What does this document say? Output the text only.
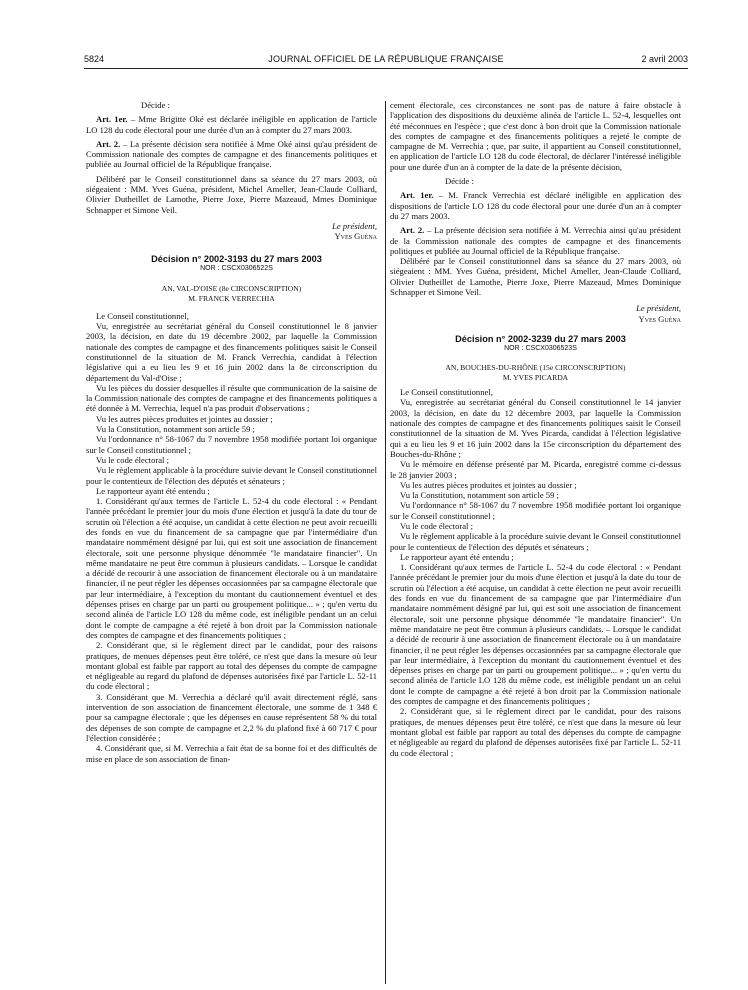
5824	JOURNAL OFFICIEL DE LA RÉPUBLIQUE FRANÇAISE	2 avril 2003

Décide :

Art. 1er. – Mme Brigitte Oké est déclarée inéligible en application de l'article LO 128 du code électoral pour une durée d'un an à compter du 27 mars 2003.

Art. 2. – La présente décision sera notifiée à Mme Oké ainsi qu'au président de Commission nationale des comptes de campagne et des financements politiques et publiée au Journal officiel de la République française.

Délibéré par le Conseil constitutionnel dans sa séance du 27 mars 2003, où siégeaient : MM. Yves Guéna, président, Michel Ameller, Jean-Claude Colliard, Olivier Dutheillet de Lamothe, Pierre Joxe, Pierre Mazeaud, Mmes Dominique Schnapper et Simone Veil.

Le président,

Yves Guéna

Décision n° 2002-3193 du 27 mars 2003

NOR : CSCX0306522S

AN, VAL-D'OISE (8e CIRCONSCRIPTION)

M. FRANCK VERRECHIA

Le Conseil constitutionnel,

Vu, enregistrée au secrétariat général du Conseil constitutionnel le 8 janvier 2003, la décision, en date du 19 décembre 2002, par laquelle la Commission nationale des comptes de campagne et des financements politiques saisit le Conseil constitutionnel de la situation de M. Franck Verrechia, candidat à l'élection législative qui a eu lieu les 9 et 16 juin 2002 dans la 8e circonscription du département du Val-d'Oise ;

Vu les pièces du dossier desquelles il résulte que communication de la saisine de la Commission nationale des comptes de campagne et des financements politiques a été donnée à M. Verrechia, lequel n'a pas produit d'observations ;

Vu les autres pièces produites et jointes au dossier ;

Vu la Constitution, notamment son article 59 ;

Vu l'ordonnance n° 58-1067 du 7 novembre 1958 modifiée portant loi organique sur le Conseil constitutionnel ;

Vu le code électoral ;

Vu le règlement applicable à la procédure suivie devant le Conseil constitutionnel pour le contentieux de l'élection des députés et sénateurs ;

Le rapporteur ayant été entendu ;

1. Considérant qu'aux termes de l'article L. 52-4 du code électoral : « Pendant l'année précédant le premier jour du mois d'une élection et jusqu'à la date du tour de scrutin où l'élection a été acquise, un candidat à cette élection ne peut avoir recueilli des fonds en vue du financement de sa campagne que par l'intermédiaire d'un mandataire nommément désigné par lui, qui est soit une association de financement électorale, soit une personne physique dénommée "le mandataire financier". Un même mandataire ne peut être commun à plusieurs candidats. – Lorsque le candidat a décidé de recourir à une association de financement électorale ou à un mandataire financier, il ne peut régler les dépenses occasionnées par sa campagne électorale que par leur intermédiaire, à l'exception du montant du cautionnement éventuel et des dépenses prises en charge par un parti ou groupement politique... » ; qu'en vertu du second alinéa de l'article LO 128 du même code, est inéligible pendant un an celui dont le compte de campagne a été rejeté à bon droit par la Commission nationale des comptes de campagne et des financements politiques ;

2. Considérant que, si le règlement direct par le candidat, pour des raisons pratiques, de menues dépenses peut être toléré, ce n'est que dans la mesure où leur montant global est faible par rapport au total des dépenses du compte de campagne et négligeable au regard du plafond de dépenses autorisées fixé par l'article L. 52-11 du code électoral ;

3. Considérant que M. Verrechia a déclaré qu'il avait directement réglé, sans intervention de son association de financement électorale, une somme de 1 348 € pour sa campagne électorale ; que les dépenses en cause représentent 58 % du total des dépenses de son compte de campagne et 2,2 % du plafond fixé à 60 717 € pour l'élection considérée ;

4. Considérant que, si M. Verrechia a fait état de sa bonne foi et des difficultés de mise en place de son association de finan-

cement électorale, ces circonstances ne sont pas de nature à faire obstacle à l'application des dispositions du deuxième alinéa de l'article L. 52-4, lesquelles ont été méconnues en l'espèce ; que c'est donc à bon droit que la Commission nationale des comptes de campagne et des financements politiques a rejeté le compte de campagne de M. Verrechia ; que, par suite, il appartient au Conseil constitutionnel, en application de l'article LO 128 du code électoral, de déclarer l'intéressé inéligible pour une durée d'un an à compter de la date de la présente décision,

Décide :

Art. 1er. – M. Franck Verrechia est déclaré inéligible en application des dispositions de l'article LO 128 du code électoral pour une durée d'un an à compter du 27 mars 2003.

Art. 2. – La présente décision sera notifiée à M. Verrechia ainsi qu'au président de la Commission nationale des comptes de campagne et des financements politiques et publiée au Journal officiel de la République française.

Délibéré par le Conseil constitutionnel dans sa séance du 27 mars 2003, où siégeaient : MM. Yves Guéna, président, Michel Ameller, Jean-Claude Colliard, Olivier Dutheillet de Lamothe, Pierre Joxe, Pierre Mazeaud, Mmes Dominique Schnapper et Simone Veil.

Le président,

Yves Guéna

Décision n° 2002-3239 du 27 mars 2003

NOR : CSCX0306523S

AN, BOUCHES-DU-RHÔNE (15e CIRCONSCRIPTION)

M. YVES PICARDA

Le Conseil constitutionnel,

Vu, enregistrée au secrétariat général du Conseil constitutionnel le 14 janvier 2003, la décision, en date du 12 décembre 2003, par laquelle la Commission nationale des comptes de campagne et des financements politiques saisit le Conseil constitutionnel de la situation de M. Yves Picarda, candidat à l'élection législative qui a eu lieu les 9 et 16 juin 2002 dans la 15e circonscription du département des Bouches-du-Rhône ;

Vu le mémoire en défense présenté par M. Picarda, enregistré comme ci-dessus le 28 janvier 2003 ;

Vu les autres pièces produites et jointes au dossier ;

Vu la Constitution, notamment son article 59 ;

Vu l'ordonnance n° 58-1067 du 7 novembre 1958 modifiée portant loi organique sur le Conseil constitutionnel ;

Vu le code électoral ;

Vu le règlement applicable à la procédure suivie devant le Conseil constitutionnel pour le contentieux de l'élection des députés et sénateurs ;

Le rapporteur ayant été entendu ;

1. Considérant qu'aux termes de l'article L. 52-4 du code électoral : « Pendant l'année précédant le premier jour du mois d'une élection et jusqu'à la date du tour de scrutin où l'élection a été acquise, un candidat à cette élection ne peut avoir recueilli des fonds en vue du financement de sa campagne que par l'intermédiaire d'un mandataire nommément désigné par lui, qui est soit une association de financement électorale, soit une personne physique dénommée "le mandataire financier". Un même mandataire ne peut être commun à plusieurs candidats. – Lorsque le candidat a décidé de recourir à une association de financement électorale ou à un mandataire financier, il ne peut régler les dépenses occasionnées par sa campagne électorale que par leur intermédiaire, à l'exception du montant du cautionnement éventuel et des dépenses prises en charge par un parti ou groupement politique... » ; qu'en vertu du second alinéa de l'article LO 128 du même code, est inéligible pendant un an celui dont le compte de campagne a été rejeté à bon droit par la Commission nationale des comptes de campagne et des financements politiques ;

2. Considérant que, si le règlement direct par le candidat, pour des raisons pratiques, de menues dépenses peut être toléré, ce n'est que dans la mesure où leur montant global est faible par rapport au total des dépenses du compte de campagne et négligeable au regard du plafond de dépenses autorisées fixé par l'article L. 52-11 du code électoral ;
